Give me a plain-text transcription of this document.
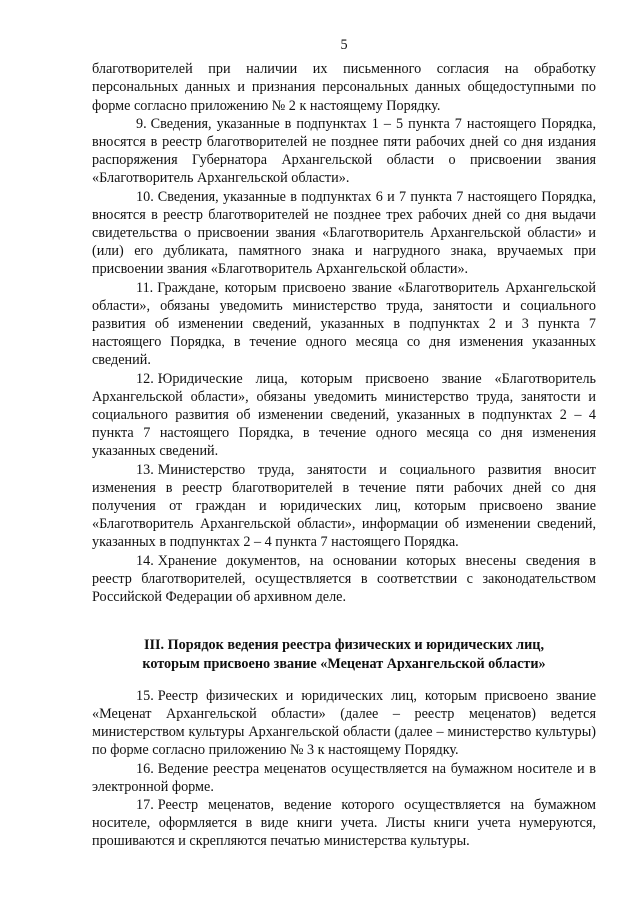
5

благотворителей при наличии их письменного согласия на обработку персональных данных и признания персональных данных общедоступными по форме согласно приложению № 2 к настоящему Порядку.

9. Сведения, указанные в подпунктах 1 – 5 пункта 7 настоящего Порядка, вносятся в реестр благотворителей не позднее пяти рабочих дней со дня издания распоряжения Губернатора Архангельской области о присвоении звания «Благотворитель Архангельской области».

10. Сведения, указанные в подпунктах 6 и 7 пункта 7 настоящего Порядка, вносятся в реестр благотворителей не позднее трех рабочих дней со дня выдачи свидетельства о присвоении звания «Благотворитель Архангельской области» и (или) его дубликата, памятного знака и нагрудного знака, вручаемых при присвоении звания «Благотворитель Архангельской области».

11. Граждане, которым присвоено звание «Благотворитель Архангельской области», обязаны уведомить министерство труда, занятости и социального развития об изменении сведений, указанных в подпунктах 2 и 3 пункта 7 настоящего Порядка, в течение одного месяца со дня изменения указанных сведений.

12. Юридические лица, которым присвоено звание «Благотворитель Архангельской области», обязаны уведомить министерство труда, занятости и социального развития об изменении сведений, указанных в подпунктах 2 – 4 пункта 7 настоящего Порядка, в течение одного месяца со дня изменения указанных сведений.

13. Министерство труда, занятости и социального развития вносит изменения в реестр благотворителей в течение пяти рабочих дней со дня получения от граждан и юридических лиц, которым присвоено звание «Благотворитель Архангельской области», информации об изменении сведений, указанных в подпунктах 2 – 4 пункта 7 настоящего Порядка.

14. Хранение документов, на основании которых внесены сведения в реестр благотворителей, осуществляется в соответствии с законодательством Российской Федерации об архивном деле.

III. Порядок ведения реестра физических и юридических лиц,
которым присвоено звание «Меценат Архангельской области»

15. Реестр физических и юридических лиц, которым присвоено звание «Меценат Архангельской области» (далее – реестр меценатов) ведется министерством культуры Архангельской области (далее – министерство культуры) по форме согласно приложению № 3 к настоящему Порядку.

16. Ведение реестра меценатов осуществляется на бумажном носителе и в электронной форме.

17. Реестр меценатов, ведение которого осуществляется на бумажном носителе, оформляется в виде книги учета. Листы книги учета нумеруются, прошиваются и скрепляются печатью министерства культуры.
